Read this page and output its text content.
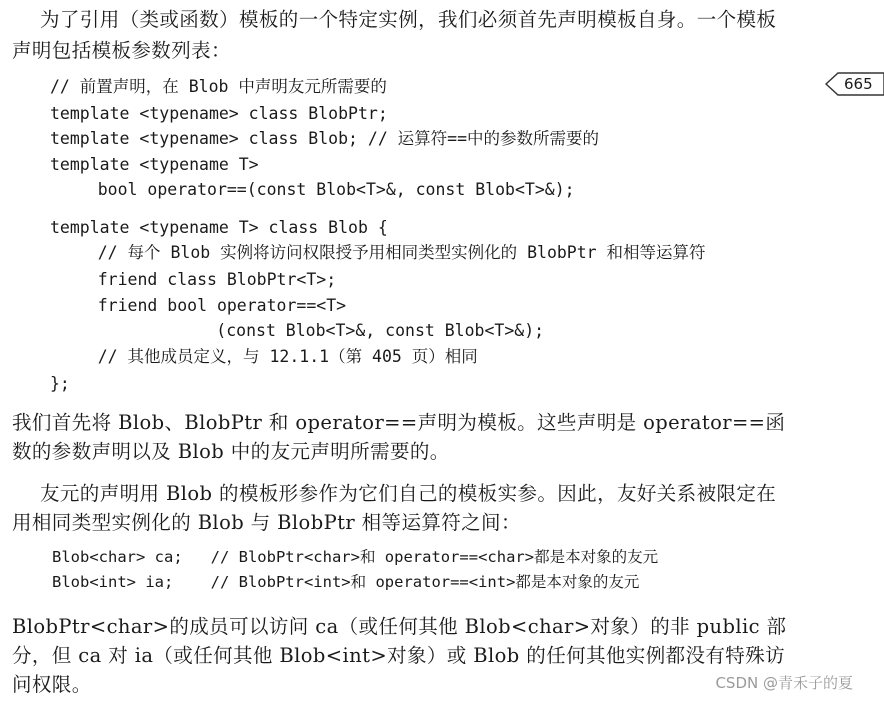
为了引用（类或函数）模板的一个特定实例，我们必须首先声明模板自身。一个模板
声明包括模板参数列表：
665
// 前置声明，在 Blob 中声明友元所需要的
template <typename> class BlobPtr;
template <typename> class Blob; // 运算符==中的参数所需要的
template <typename T>
bool operator==(const Blob<T>&, const Blob<T>&);
template <typename T> class Blob {
// 每个 Blob 实例将访问权限授予用相同类型实例化的 BlobPtr 和相等运算符
friend class BlobPtr<T>;
friend bool operator==<T>
(const Blob<T>&, const Blob<T>&);
// 其他成员定义，与 12.1.1（第 405 页）相同
};
我们首先将 Blob、BlobPtr 和 operator==声明为模板。这些声明是 operator==函
数的参数声明以及 Blob 中的友元声明所需要的。
友元的声明用 Blob 的模板形参作为它们自己的模板实参。因此，友好关系被限定在
用相同类型实例化的 Blob 与 BlobPtr 相等运算符之间：
Blob<char> ca;   // BlobPtr<char>和 operator==<char>都是本对象的友元
Blob<int> ia;    // BlobPtr<int>和 operator==<int>都是本对象的友元
BlobPtr<char>的成员可以访问 ca（或任何其他 Blob<char>对象）的非 public 部
分，但 ca 对 ia（或任何其他 Blob<int>对象）或 Blob 的任何其他实例都没有特殊访
问权限。	CSDN @青禾子的夏
